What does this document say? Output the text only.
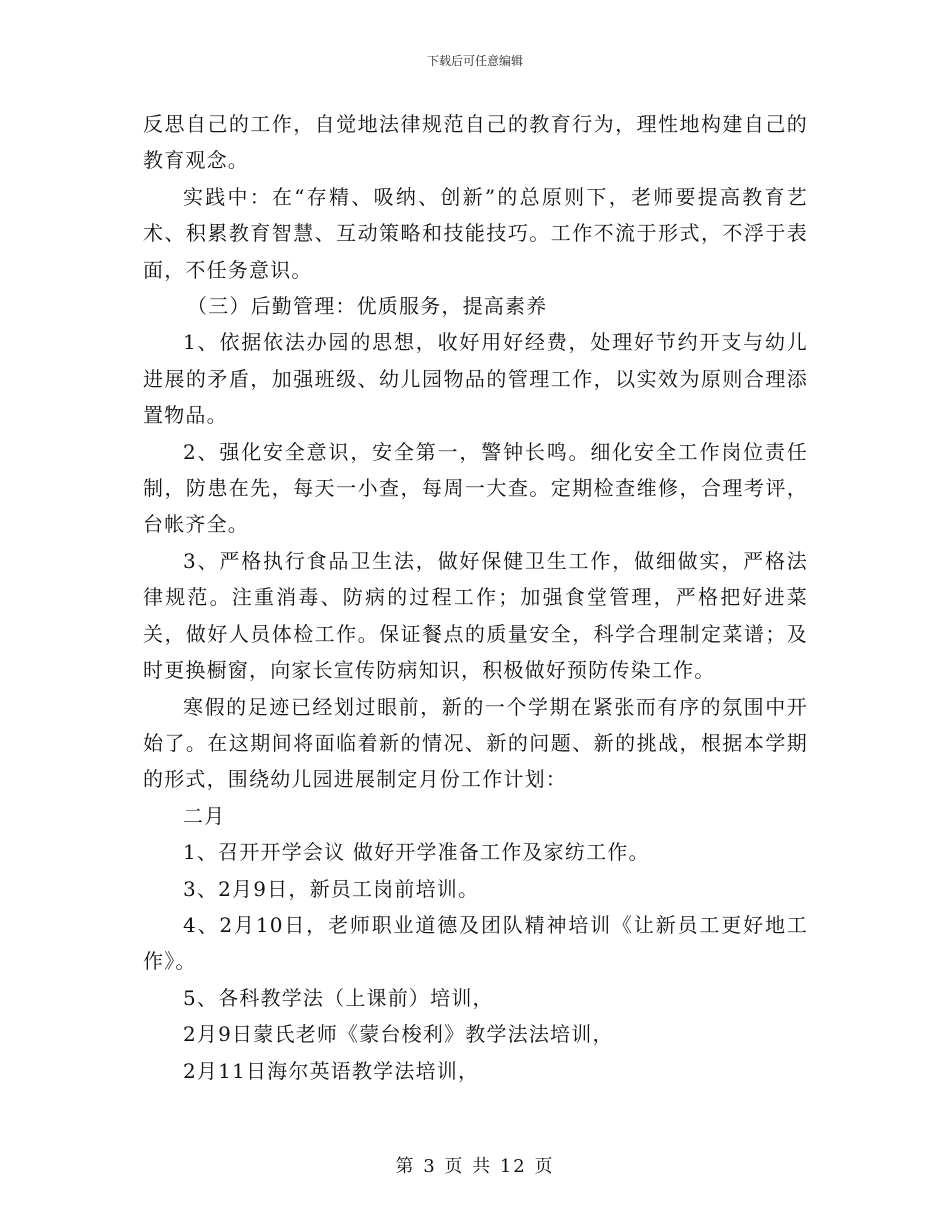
下载后可任意编辑

反思自己的工作，自觉地法律规范自己的教育行为，理性地构建自己的教育观念。

实践中：在“存精、吸纳、创新”的总原则下，老师要提高教育艺术、积累教育智慧、互动策略和技能技巧。工作不流于形式，不浮于表面，不任务意识。

（三）后勤管理：优质服务，提高素养

1、依据依法办园的思想，收好用好经费，处理好节约开支与幼儿进展的矛盾，加强班级、幼儿园物品的管理工作，以实效为原则合理添置物品。

2、强化安全意识，安全第一，警钟长鸣。细化安全工作岗位责任制，防患在先，每天一小查，每周一大查。定期检查维修，合理考评，台帐齐全。

3、严格执行食品卫生法，做好保健卫生工作，做细做实，严格法律规范。注重消毒、防病的过程工作；加强食堂管理，严格把好进菜关，做好人员体检工作。保证餐点的质量安全，科学合理制定菜谱；及时更换橱窗，向家长宣传防病知识，积极做好预防传染工作。

寒假的足迹已经划过眼前，新的一个学期在紧张而有序的氛围中开始了。在这期间将面临着新的情况、新的问题、新的挑战，根据本学期的形式，围绕幼儿园进展制定月份工作计划：

二月

1、召开开学会议 做好开学准备工作及家纺工作。

3、2月9日，新员工岗前培训。

4、2月10日，老师职业道德及团队精神培训《让新员工更好地工作》。

5、各科教学法（上课前）培训，

2月9日蒙氏老师《蒙台梭利》教学法法培训，

2月11日海尔英语教学法培训，

第 3 页 共 12 页
